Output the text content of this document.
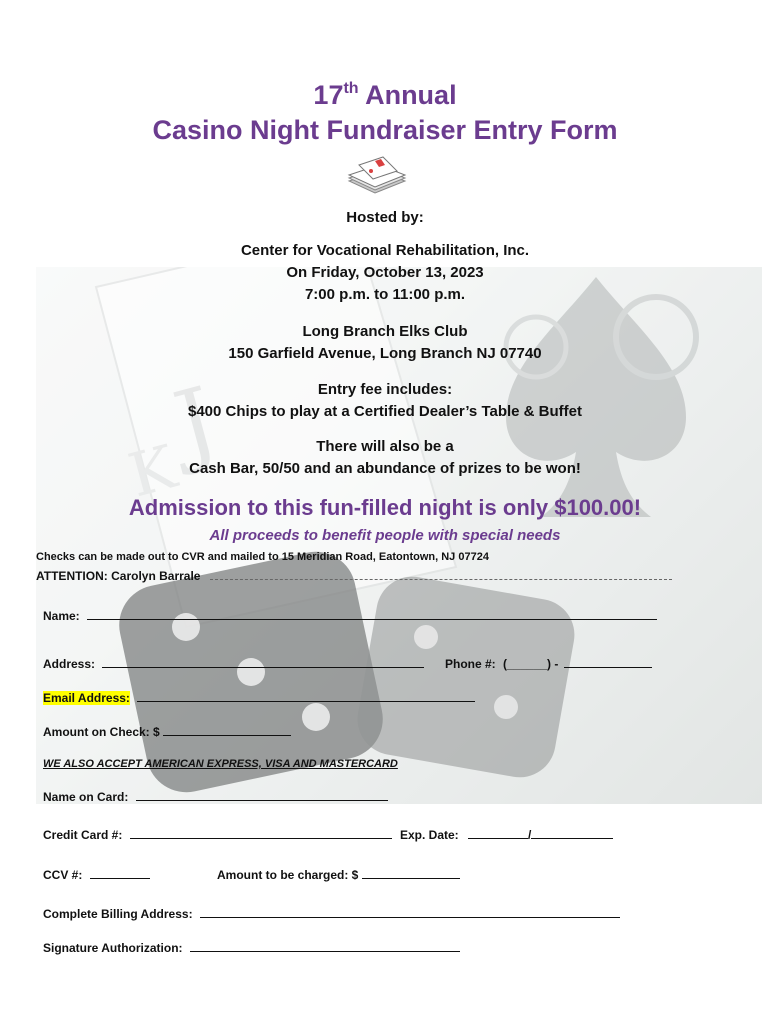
J
K
17th Annual
Casino Night Fundraiser Entry Form
Hosted by:
Center for Vocational Rehabilitation, Inc.
On Friday, October 13, 2023
7:00 p.m. to 11:00 p.m.
Long Branch Elks Club
150 Garfield Avenue, Long Branch NJ 07740
Entry fee includes:
$400 Chips to play at a Certified Dealer’s Table & Buffet
There will also be a
Cash Bar, 50/50 and an abundance of prizes to be won!
Admission to this fun-filled night is only $100.00!
All proceeds to benefit people with special needs
Checks can be made out to CVR and mailed to 15 Meridian Road, Eatontown, NJ 07724
ATTENTION: Carolyn Barrale
Name:
Address:	Phone #: (______) -
Email Address:
Amount on Check: $
WE ALSO ACCEPT AMERICAN EXPRESS, VISA AND MASTERCARD
Name on Card:
Credit Card #:	Exp. Date:	/
CCV #:	Amount to be charged: $
Complete Billing Address:
Signature Authorization:
